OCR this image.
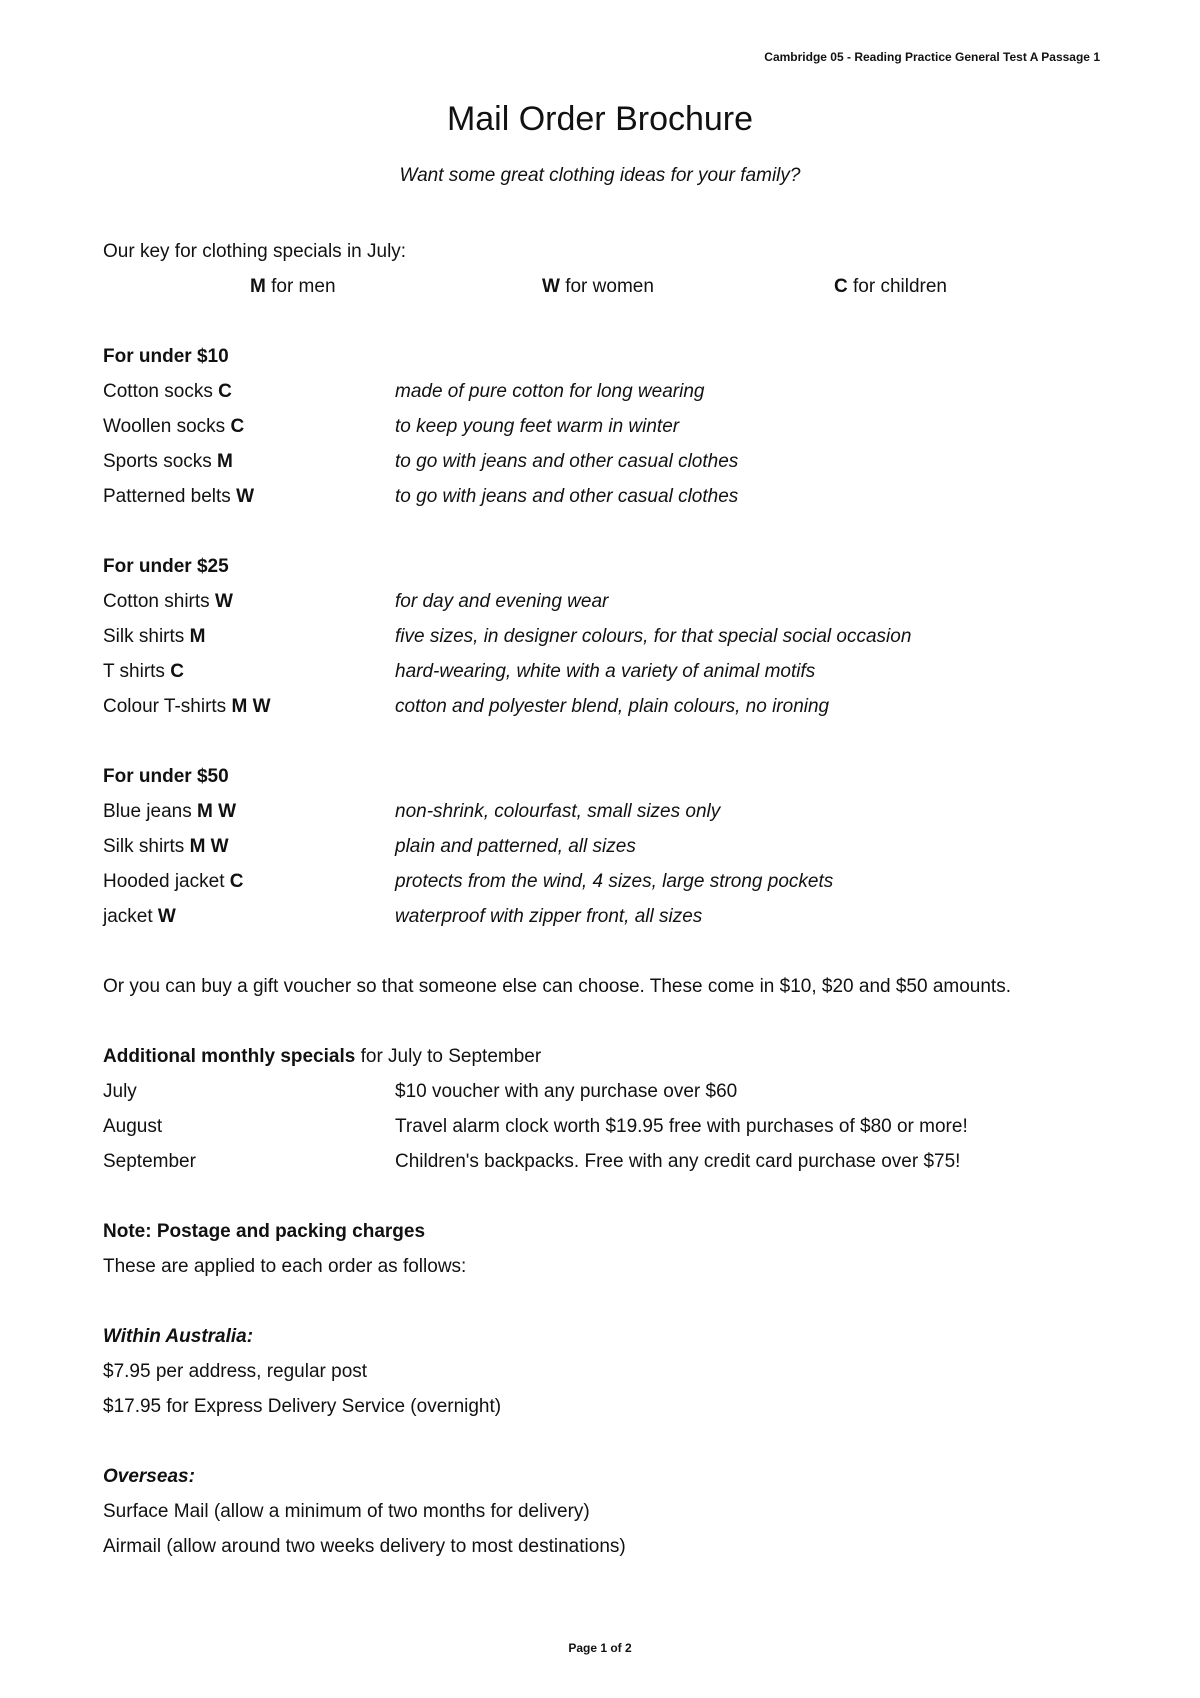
Cambridge 05 - Reading Practice General Test A Passage 1
Mail Order Brochure
Want some great clothing ideas for your family?
Our key for clothing specials in July:
M for men	W for women	C for children
For under $10
Cotton socks C	made of pure cotton for long wearing
Woollen socks C	to keep young feet warm in winter
Sports socks M	to go with jeans and other casual clothes
Patterned belts W	to go with jeans and other casual clothes
For under $25
Cotton shirts W	for day and evening wear
Silk shirts M	five sizes, in designer colours, for that special social occasion
T shirts C	hard-wearing, white with a variety of animal motifs
Colour T-shirts M W	cotton and polyester blend, plain colours, no ironing
For under $50
Blue jeans M W	non-shrink, colourfast, small sizes only
Silk shirts M W	plain and patterned, all sizes
Hooded jacket C	protects from the wind, 4 sizes, large strong pockets
jacket W	waterproof with zipper front, all sizes
Or you can buy a gift voucher so that someone else can choose. These come in $10, $20 and $50 amounts.
Additional monthly specials for July to September
July	$10 voucher with any purchase over $60
August	Travel alarm clock worth $19.95 free with purchases of $80 or more!
September	Children's backpacks. Free with any credit card purchase over $75!
Note: Postage and packing charges
These are applied to each order as follows:
Within Australia:
$7.95 per address, regular post
$17.95 for Express Delivery Service (overnight)
Overseas:
Surface Mail (allow a minimum of two months for delivery)
Airmail (allow around two weeks delivery to most destinations)
Page 1 of 2
